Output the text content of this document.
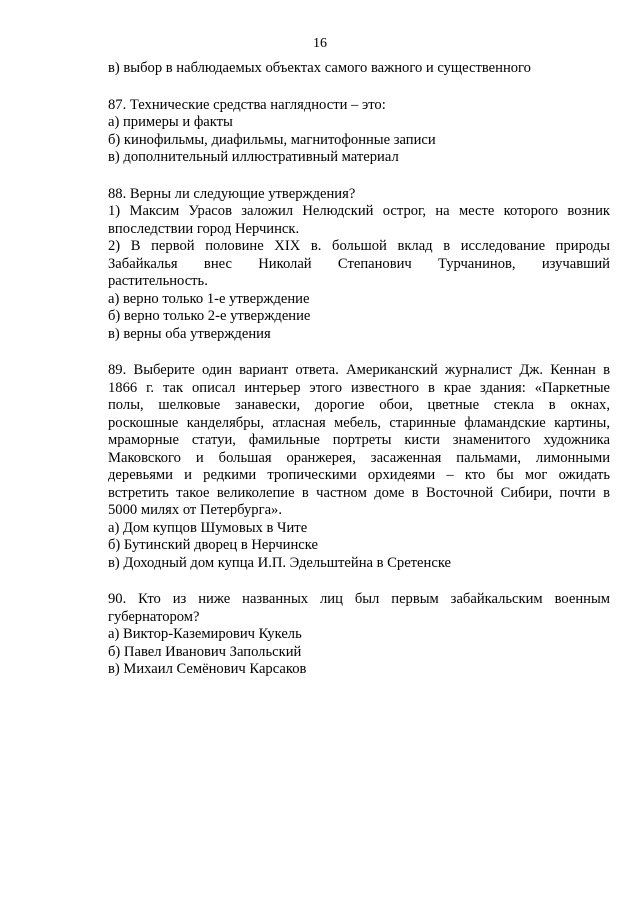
16
в) выбор в наблюдаемых объектах самого важного и существенного
87. Технические средства наглядности – это:
а) примеры и факты
б) кинофильмы, диафильмы, магнитофонные записи
в) дополнительный иллюстративный материал
88. Верны ли следующие утверждения?
1) Максим Урасов заложил Нелюдский острог, на месте которого возник
впоследствии город Нерчинск.
2) В первой половине XIX в. большой вклад в исследование природы
Забайкалья внес Николай Степанович Турчанинов, изучавший
растительность.
а) верно только 1-е утверждение
б) верно только 2-е утверждение
в) верны оба утверждения
89. Выберите один вариант ответа. Американский журналист Дж. Кеннан в
1866 г. так описал интерьер этого известного в крае здания: «Паркетные
полы, шелковые занавески, дорогие обои, цветные стекла в окнах,
роскошные канделябры, атласная мебель, старинные фламандские картины,
мраморные статуи, фамильные портреты кисти знаменитого художника
Маковского и большая оранжерея, засаженная пальмами, лимонными
деревьями и редкими тропическими орхидеями – кто бы мог ожидать
встретить такое великолепие в частном доме в Восточной Сибири, почти в
5000 милях от Петербурга».
а) Дом купцов Шумовых в Чите
б) Бутинский дворец в Нерчинске
в) Доходный дом купца И.П. Эдельштейна в Сретенске
90. Кто из ниже названных лиц был первым забайкальским военным
губернатором?
а) Виктор-Каземирович Кукель
б) Павел Иванович Запольский
в) Михаил Семёнович Карсаков
